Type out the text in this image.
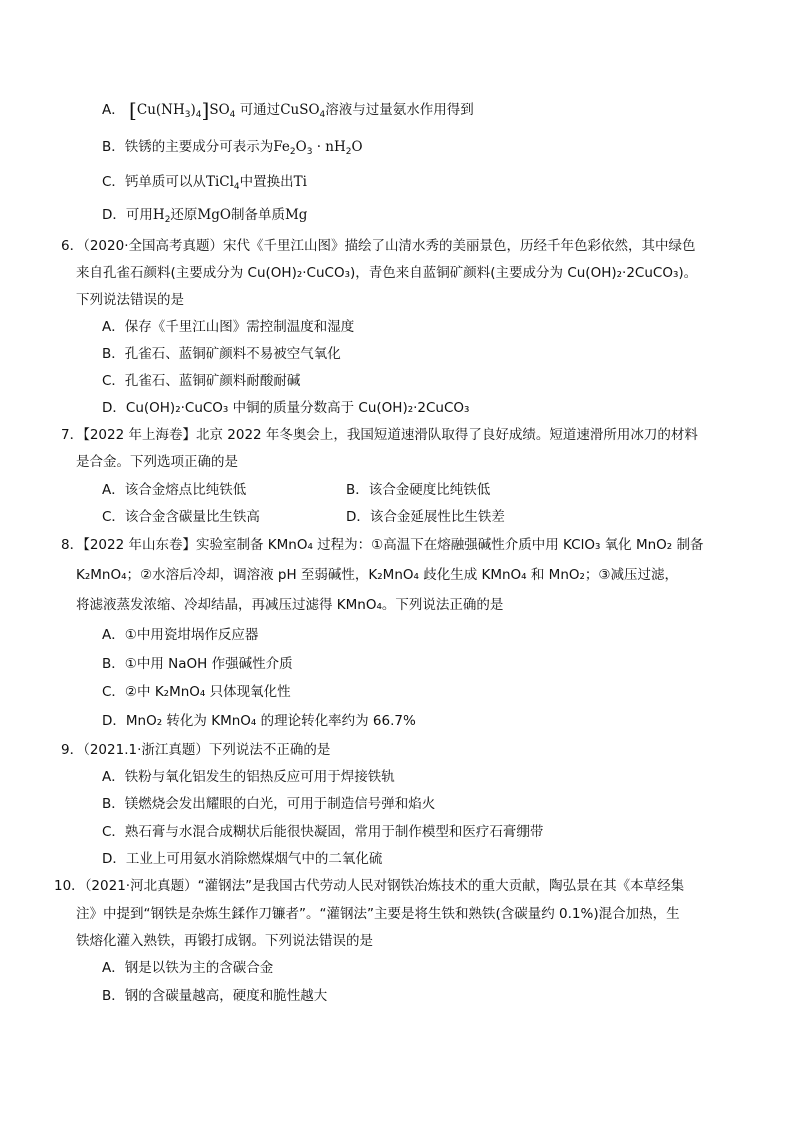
A． $[Cu(NH_3)_4]SO_4$ 可通过CuSO$_4$溶液与过量氨水作用得到
B．铁锈的主要成分可表示为$Fe_2O_3 \cdot nH_2O$
C．钙单质可以从TiCl$_4$中置换出Ti
D．可用$H_2$还原MgO制备单质Mg
6．（2020·全国高考真题）宋代《千里江山图》描绘了山清水秀的美丽景色，历经千年色彩依然，其中绿色
来自孔雀石颜料(主要成分为 Cu(OH)₂·CuCO₃)，青色来自蓝铜矿颜料(主要成分为 Cu(OH)₂·2CuCO₃)。
下列说法错误的是
A．保存《千里江山图》需控制温度和湿度
B．孔雀石、蓝铜矿颜料不易被空气氧化
C．孔雀石、蓝铜矿颜料耐酸耐碱
D．Cu(OH)₂·CuCO₃ 中铜的质量分数高于 Cu(OH)₂·2CuCO₃
7．【2022 年上海卷】北京 2022 年冬奥会上，我国短道速滑队取得了良好成绩。短道速滑所用冰刀的材料
是合金。下列选项正确的是
A．该合金熔点比纯铁低	B．该合金硬度比纯铁低
C．该合金含碳量比生铁高	D．该合金延展性比生铁差
8．【2022 年山东卷】实验室制备 KMnO₄ 过程为：①高温下在熔融强碱性介质中用 KClO₃ 氧化 MnO₂ 制备
K₂MnO₄；②水溶后冷却，调溶液 pH 至弱碱性，K₂MnO₄ 歧化生成 KMnO₄ 和 MnO₂；③减压过滤，
将滤液蒸发浓缩、冷却结晶，再减压过滤得 KMnO₄。下列说法正确的是
A．①中用瓷坩埚作反应器
B．①中用 NaOH 作强碱性介质
C．②中 K₂MnO₄ 只体现氧化性
D．MnO₂ 转化为 KMnO₄ 的理论转化率约为 66.7%
9．（2021.1·浙江真题）下列说法不正确的是
A．铁粉与氧化铝发生的铝热反应可用于焊接铁轨
B．镁燃烧会发出耀眼的白光，可用于制造信号弹和焰火
C．熟石膏与水混合成糊状后能很快凝固，常用于制作模型和医疗石膏绷带
D．工业上可用氨水消除燃煤烟气中的二氧化硫
10．（2021·河北真题）“灌钢法”是我国古代劳动人民对钢铁冶炼技术的重大贡献，陶弘景在其《本草经集
注》中提到“钢铁是杂炼生鍒作刀镰者”。“灌钢法”主要是将生铁和熟铁(含碳量约 0.1%)混合加热，生
铁熔化灌入熟铁，再锻打成钢。下列说法错误的是
A．钢是以铁为主的含碳合金
B．钢的含碳量越高，硬度和脆性越大
